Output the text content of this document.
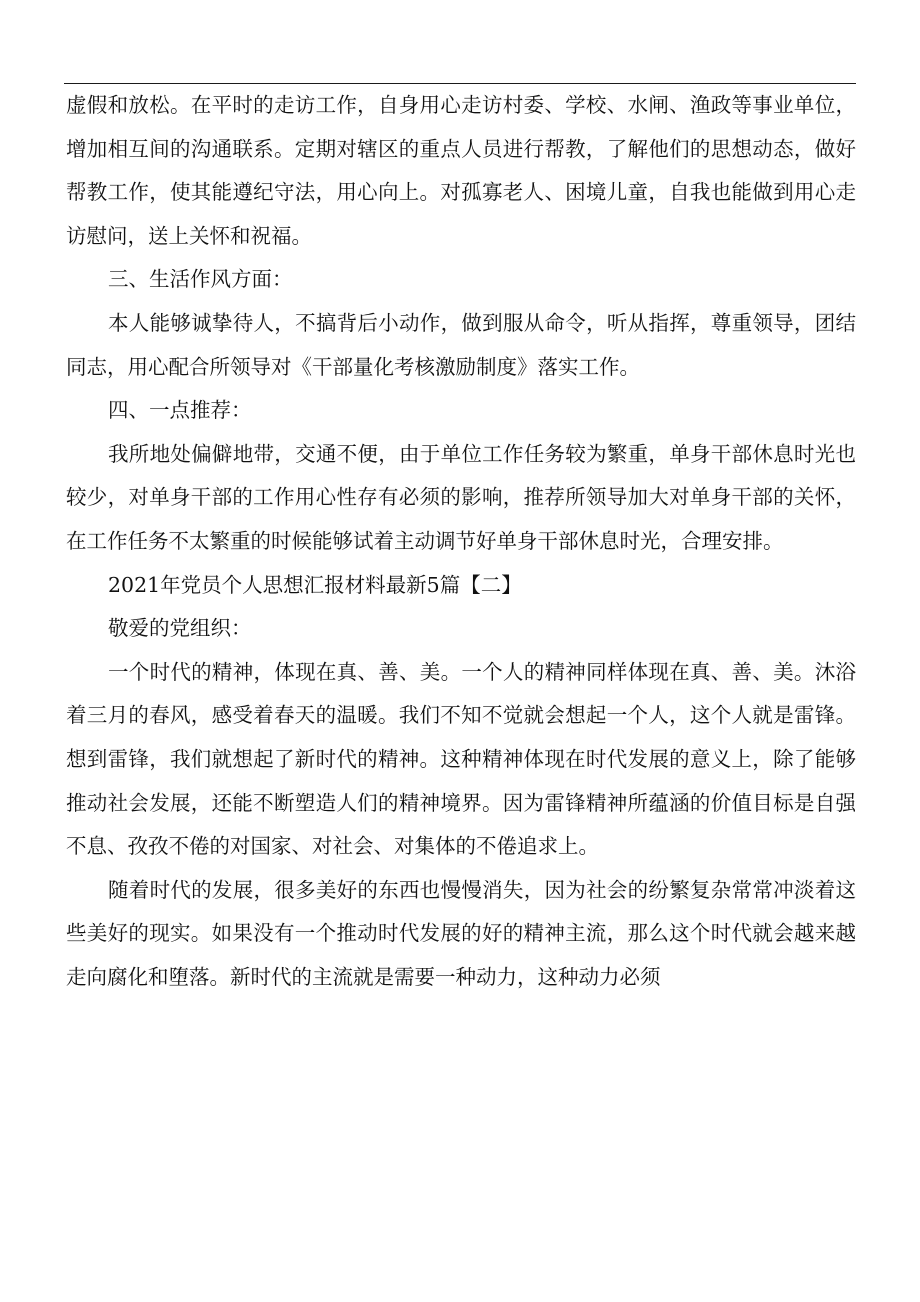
虚假和放松。在平时的走访工作，自身用心走访村委、学校、水闸、渔政等事业单位，增加相互间的沟通联系。定期对辖区的重点人员进行帮教，了解他们的思想动态，做好帮教工作，使其能遵纪守法，用心向上。对孤寡老人、困境儿童，自我也能做到用心走访慰问，送上关怀和祝福。

三、生活作风方面：

本人能够诚挚待人，不搞背后小动作，做到服从命令，听从指挥，尊重领导，团结同志，用心配合所领导对《干部量化考核激励制度》落实工作。

四、一点推荐：

我所地处偏僻地带，交通不便，由于单位工作任务较为繁重，单身干部休息时光也较少，对单身干部的工作用心性存有必须的影响，推荐所领导加大对单身干部的关怀，在工作任务不太繁重的时候能够试着主动调节好单身干部休息时光，合理安排。

2021年党员个人思想汇报材料最新5篇【二】

敬爱的党组织：

一个时代的精神，体现在真、善、美。一个人的精神同样体现在真、善、美。沐浴着三月的春风，感受着春天的温暖。我们不知不觉就会想起一个人，这个人就是雷锋。想到雷锋，我们就想起了新时代的精神。这种精神体现在时代发展的意义上，除了能够推动社会发展，还能不断塑造人们的精神境界。因为雷锋精神所蕴涵的价值目标是自强不息、孜孜不倦的对国家、对社会、对集体的不倦追求上。

随着时代的发展，很多美好的东西也慢慢消失，因为社会的纷繁复杂常常冲淡着这些美好的现实。如果没有一个推动时代发展的好的精神主流，那么这个时代就会越来越走向腐化和堕落。新时代的主流就是需要一种动力，这种动力必须
